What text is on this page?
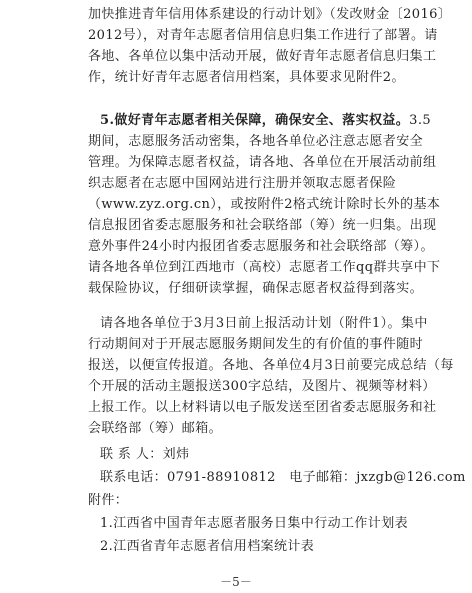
加快推进青年信用体系建设的行动计划》（发改财金〔2016〕
2012号），对青年志愿者信用信息归集工作进行了部署。请
各地、各单位以集中活动开展，做好青年志愿者信息归集工
作，统计好青年志愿者信用档案，具体要求见附件2。
5.做好青年志愿者相关保障，确保安全、落实权益。3.5
期间，志愿服务活动密集，各地各单位必注意志愿者安全
管理。为保障志愿者权益，请各地、各单位在开展活动前组
织志愿者在志愿中国网站进行注册并领取志愿者保险
（www.zyz.org.cn），或按附件2格式统计除时长外的基本
信息报团省委志愿服务和社会联络部（筹）统一归集。出现
意外事件24小时内报团省委志愿服务和社会联络部（筹）。
请各地各单位到江西地市（高校）志愿者工作qq群共享中下
载保险协议，仔细研读掌握，确保志愿者权益得到落实。
请各地各单位于3月3日前上报活动计划（附件1）。集中
行动期间对于开展志愿服务期间发生的有价值的事件随时
报送，以便宣传报道。各地、各单位4月3日前要完成总结（每
个开展的活动主题报送300字总结，及图片、视频等材料）
上报工作。以上材料请以电子版发送至团省委志愿服务和社
会联络部（筹）邮箱。
联 系 人：刘炜
联系电话：0791-88910812　电子邮箱：jxzgb@126.com
附件：
1.江西省中国青年志愿者服务日集中行动工作计划表
2.江西省青年志愿者信用档案统计表
－5－
